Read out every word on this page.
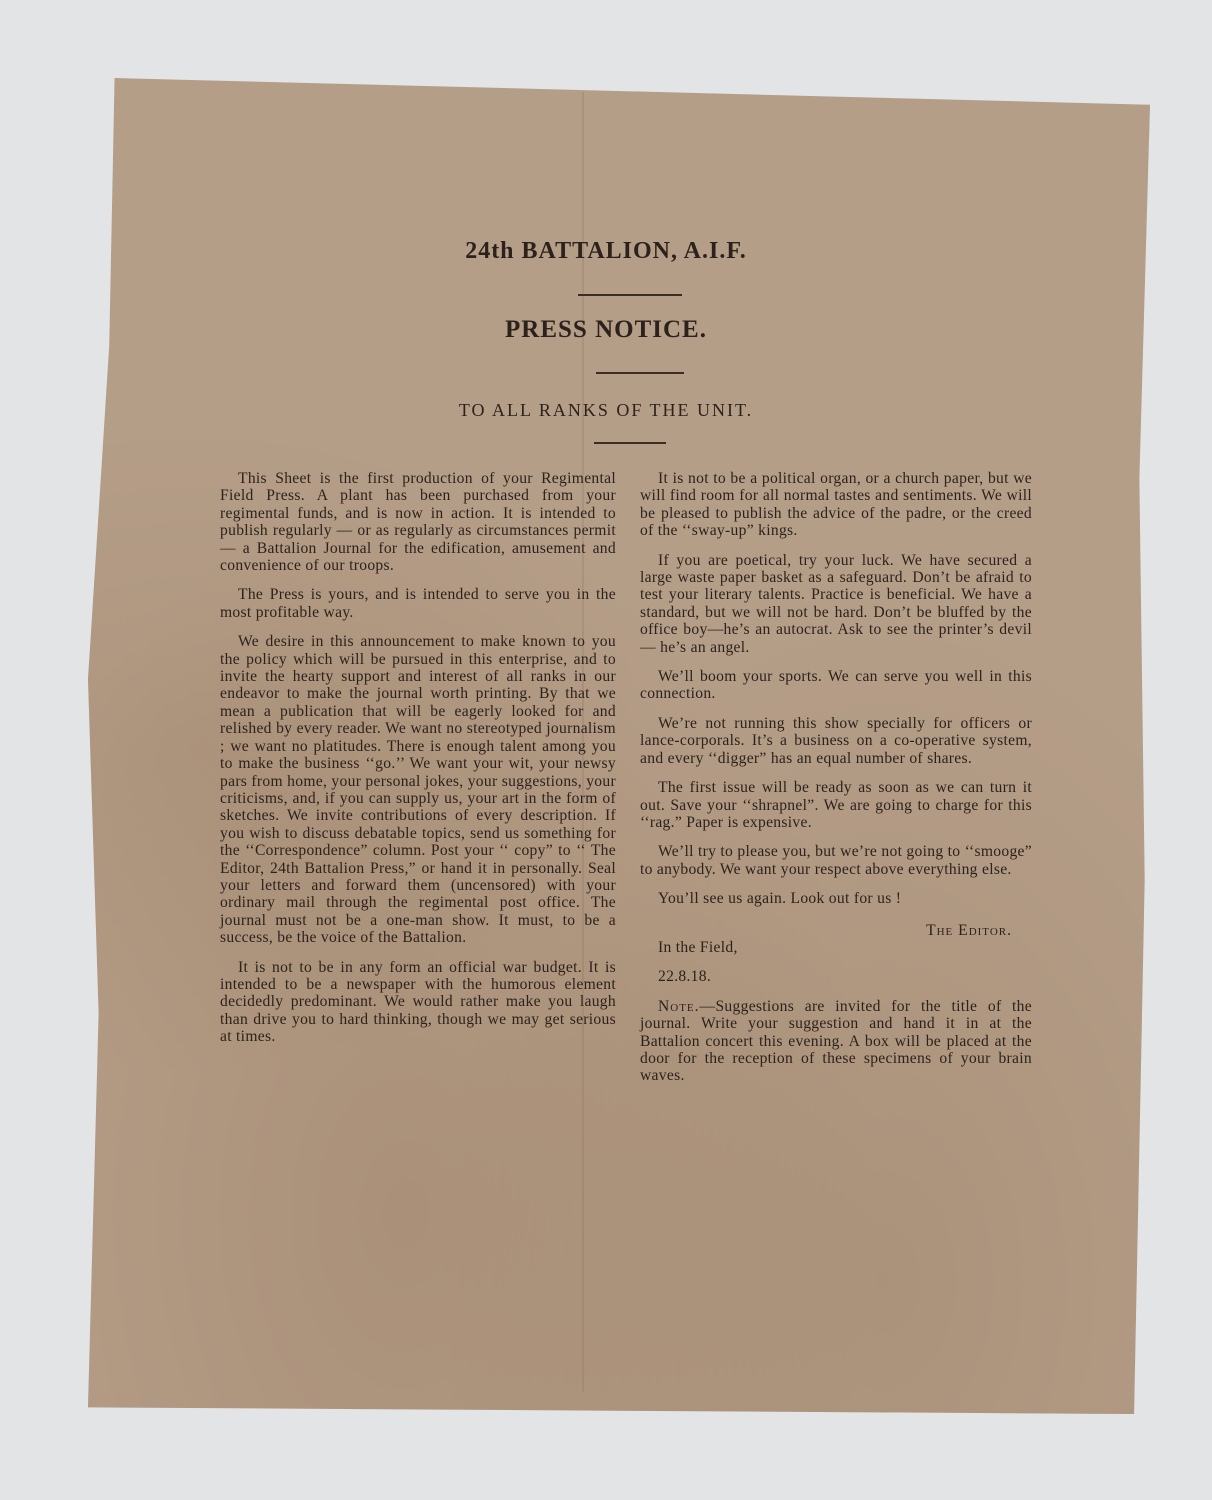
24th BATTALION, A.I.F.
PRESS NOTICE.
TO ALL RANKS OF THE UNIT.

This Sheet is the first production of your Regimental Field Press. A plant has been purchased from your regimental funds, and is now in action. It is intended to publish regularly — or as regularly as circumstances permit— a Battalion Journal for the edification, amusement and convenience of our troops.

The Press is yours, and is intended to serve you in the most profitable way.

We desire in this announcement to make known to you the policy which will be pursued in this enterprise, and to invite the hearty support and interest of all ranks in our endeavor to make the journal worth printing. By that we mean a publication that will be eagerly looked for and relished by every reader. We want no stereotyped journalism ; we want no platitudes. There is enough talent among you to make the business ‘‘go.’’ We want your wit, your newsy pars from home, your personal jokes, your suggestions, your criticisms, and, if you can supply us, your art in the form of sketches. We invite contributions of every description. If you wish to discuss debatable topics, send us something for the ‘‘Correspondence” column. Post your ‘‘ copy” to ‘‘ The Editor, 24th Battalion Press,” or hand it in personally. Seal your letters and forward them (uncensored) with your ordinary mail through the regimental post office. The journal must not be a one-man show. It must, to be a success, be the voice of the Battalion.

It is not to be in any form an official war budget. It is intended to be a newspaper with the humorous element decidedly predominant. We would rather make you laugh than drive you to hard thinking, though we may get serious at times.

It is not to be a political organ, or a church paper, but we will find room for all normal tastes and sentiments. We will be pleased to publish the advice of the padre, or the creed of the ‘‘sway-up” kings.

If you are poetical, try your luck. We have secured a large waste paper basket as a safeguard. Don’t be afraid to test your literary talents. Practice is beneficial. We have a standard, but we will not be hard. Don’t be bluffed by the office boy—he’s an autocrat. Ask to see the printer’s devil— he’s an angel.

We’ll boom your sports. We can serve you well in this connection.

We’re not running this show specially for officers or lance-corporals. It’s a business on a co-operative system, and every ‘‘digger” has an equal number of shares.

The first issue will be ready as soon as we can turn it out. Save your ‘‘shrapnel”. We are going to charge for this ‘‘rag.” Paper is expensive.

We’ll try to please you, but we’re not going to ‘‘smooge” to anybody. We want your respect above everything else.

You’ll see us again. Look out for us !

The Editor.

In the Field,

22.8.18.

Note.—Suggestions are invited for the title of the journal. Write your suggestion and hand it in at the Battalion concert this evening. A box will be placed at the door for the reception of these specimens of your brain waves.
